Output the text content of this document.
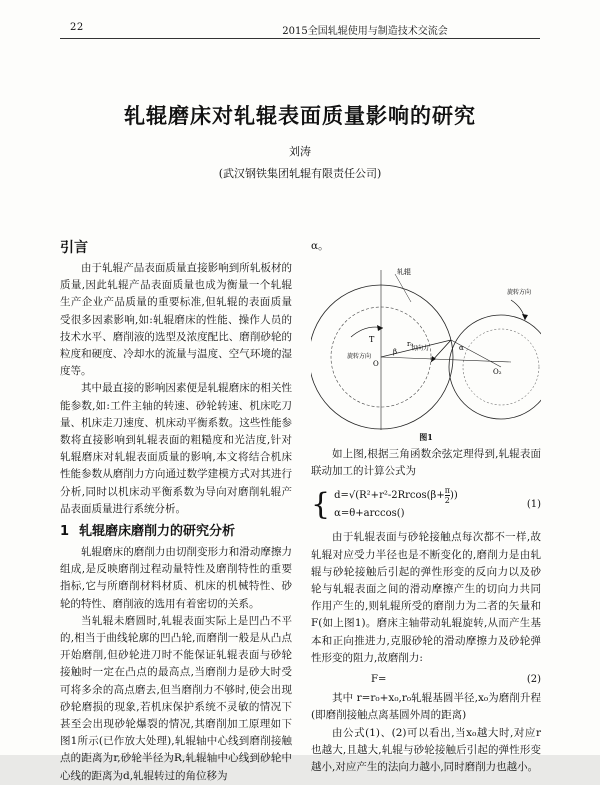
22	2015全国轧辊使用与制造技术交流会
轧辊磨床对轧辊表面质量影响的研究
刘涛
(武汉钢铁集团轧辊有限责任公司)
引言

由于轧辊产品表面质量直接影响到所轧板材的质量,因此轧辊产品表面质量也成为衡量一个轧辊生产企业产品质量的重要标准,但轧辊的表面质量受很多因素影响,如:轧辊磨床的性能、操作人员的技术水平、磨削液的选型及浓度配比、磨削砂轮的粒度和硬度、冷却水的流量与温度、空气环境的湿度等。

其中最直接的影响因素便是轧辊磨床的相关性能参数,如:工件主轴的转速、砂轮转速、机床吃刀量、机床走刀速度、机床动平衡系数。这些性能参数将直接影响到轧辊表面的粗糙度和光洁度,针对轧辊磨床对轧辊表面质量的影响,本文将结合机床性能参数从磨削力方向通过数学建模方式对其进行分析,同时以机床动平衡系数为导向对磨削轧辊产品表面质量进行系统分析。

1 轧辊磨床磨削力的研究分析

轧辊磨床的磨削力由切削变形力和滑动摩擦力组成,是反映磨削过程动量特性及磨削特性的重要指标,它与所磨削材料材质、机床的机械特性、砂轮的特性、磨削液的选用有着密切的关系。

当轧辊未磨圆时,轧辊表面实际上是凹凸不平的,相当于曲线轮廓的凹凸轮,而磨削一般是从凸点开始磨削,但砂轮进刀时不能保证轧辊表面与砂轮接触时一定在凸点的最高点,当磨削力是砂大时受可将多余的高点磨去,但当磨削力不够时,使会出现砂轮磨损的现象,若机床保护系统不灵敏的情况下甚至会出现砂轮爆裂的情况,其磨削加工原理如下图1所示(已作放大处理),轧辊轴中心线到磨削接触点的距离为r,砂轮半径为R,轧辊轴中心线到砂轮中心线的距离为d,轧辊转过的角位移为

α。
轧辊
旋转方向
旋转方向
切向力
T	r₀
O
O₂
α
β
图1

如上图,根据三角函数余弦定理得到,轧辊表面联动加工的计算公式为

{ $d=√(R^2+r^2-2Rrcos(\beta+ \frac{\pi}{2}$ ))
α=θ+arccos()
(1)

由于轧辊表面与砂轮接触点每次都不一样,故轧辊对应受力半径也是不断变化的,磨削力是由轧辊与砂轮接触后引起的弹性形变的反向力以及砂轮与轧辊表面之间的滑动摩擦产生的切向力共同作用产生的,则轧辊所受的磨削力为二者的矢量和F(如上图1)。磨床主轴带动轧辊旋转,从而产生基本和正向推进力,克服砂轮的滑动摩擦力及砂轮弹性形变的阻力,故磨削力:

F=	(2)

其中 r=r₀+x₀,r₀轧辊基圆半径,x₀为磨削升程(即磨削接触点离基圆外周的距离)

由公式(1)、(2)可以看出,当x₀越大时,对应r也越大,且越大,轧辊与砂轮接触后引起的弹性形变越小,对应产生的法向力越小,同时磨削力也越小。
